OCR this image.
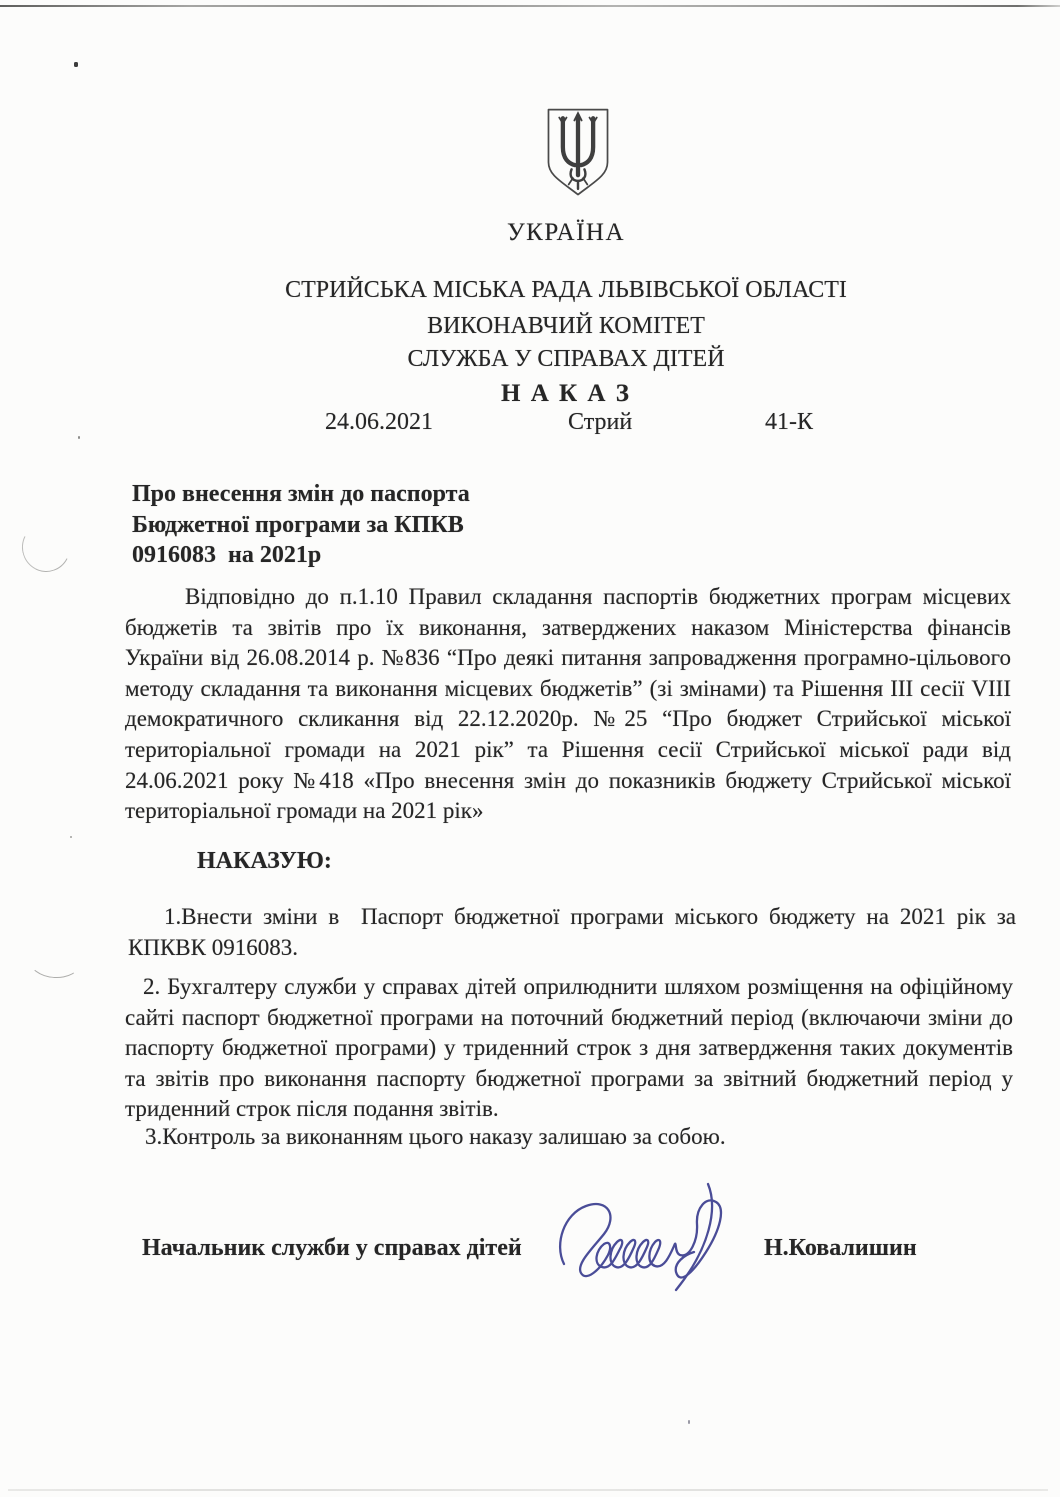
УКРАЇНА
СТРИЙСЬКА МІСЬКА РАДА ЛЬВІВСЬКОЇ ОБЛАСТІ
ВИКОНАВЧИЙ КОМІТЕТ
СЛУЖБА У СПРАВАХ ДІТЕЙ
Н А К А З
24.06.2021	Стрий	41-К
Про внесення змін до паспорта
Бюджетної програми за КПКВ
0916083  на 2021р
Відповідно до п.1.10 Правил складання паспортів бюджетних програм місцевих бюджетів та звітів про їх виконання, затверджених наказом Міністерства фінансів України від 26.08.2014 р. №836 “Про деякі питання запровадження програмно-цільового методу складання та виконання місцевих бюджетів” (зі змінами) та Рішення ІІІ сесії VIII демократичного скликання від 22.12.2020р. №25 “Про бюджет Стрийської міської територіальної громади на 2021 рік” та Рішення сесії Стрийської міської ради від 24.06.2021 року №418 «Про внесення змін до показників бюджету Стрийської міської територіальної громади на 2021 рік»
НАКАЗУЮ:
1.Внести зміни в  Паспорт бюджетної програми міського бюджету на 2021 рік за КПКВК 0916083.
2. Бухгалтеру служби у справах дітей оприлюднити шляхом розміщення на офіційному сайті паспорт бюджетної програми на поточний бюджетний період (включаючи зміни до паспорту бюджетної програми) у триденний строк з дня затвердження таких документів та звітів про виконання паспорту бюджетної програми за звітний бюджетний період у триденний строк після подання звітів.
3.Контроль за виконанням цього наказу залишаю за собою.
Начальник служби у справах дітей	Н.Ковалишин
